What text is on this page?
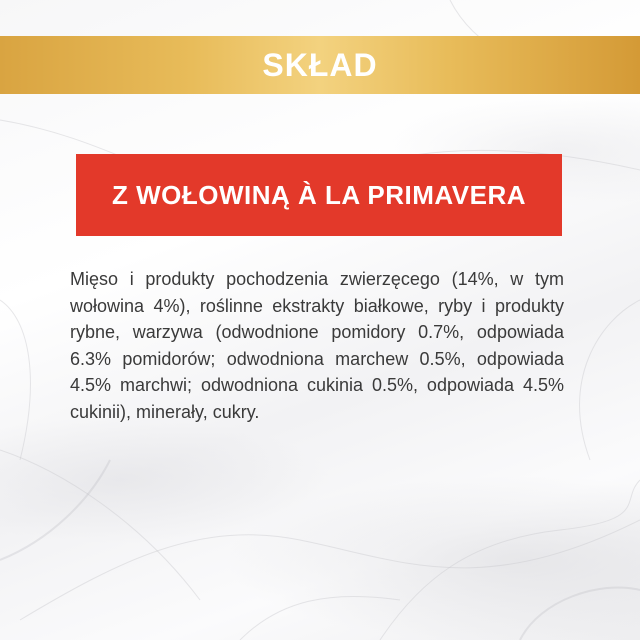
SKŁAD
Z WOŁOWINĄ À LA PRIMAVERA

Mięso i produkty pochodzenia zwierzęcego (14%, w tym wołowina 4%), roślinne ekstrakty białkowe, ryby i produkty rybne, warzywa (odwodnione pomidory 0.7%, odpowiada 6.3% pomidorów; odwodniona marchew 0.5%, odpowiada 4.5% marchwi; odwodniona cukinia 0.5%, odpowiada 4.5% cukinii), minerały, cukry.
